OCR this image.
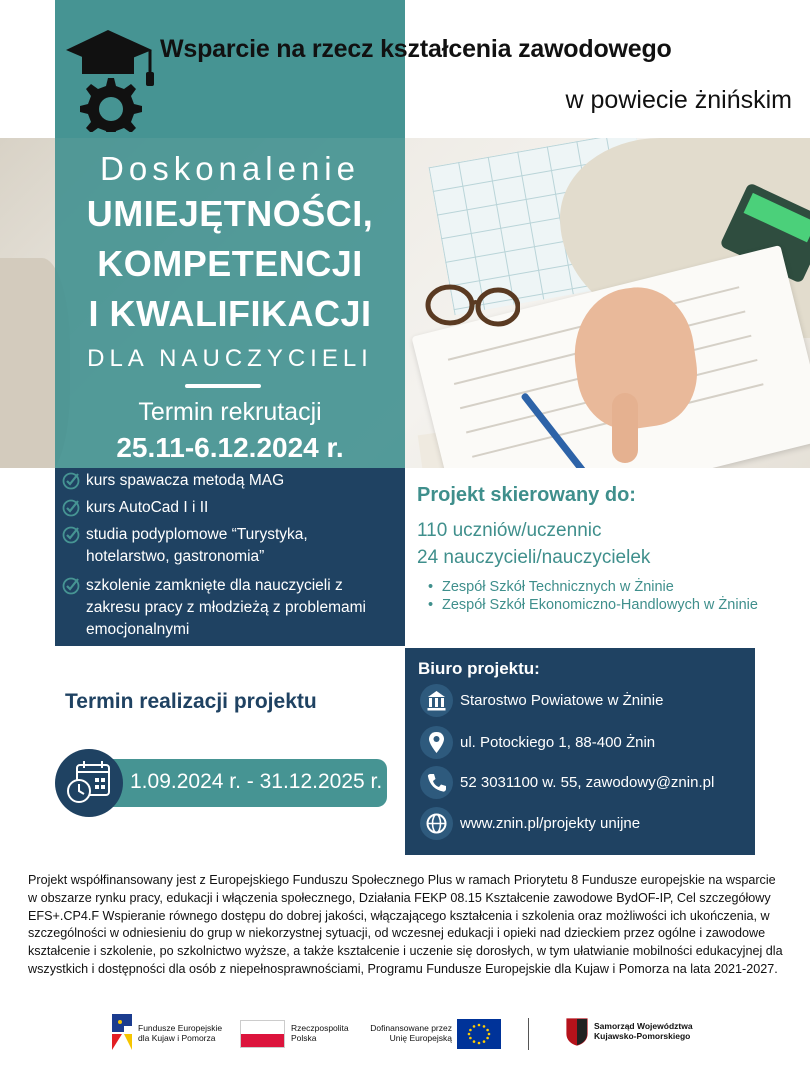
Wsparcie na rzecz kształcenia zawodowego
w powiecie żnińskim
Doskonalenie
UMIEJĘTNOŚCI,
KOMPETENCJI
I KWALIFIKACJI
DLA NAUCZYCIELI
Termin rekrutacji
25.11-6.12.2024 r.
kurs spawacza metodą MAG
kurs AutoCad I i II
studia podyplomowe “Turystyka, hotelarstwo, gastronomia”
szkolenie zamknięte dla nauczycieli z zakresu pracy z młodzieżą z problemami emocjonalnymi
Projekt skierowany do:
110 uczniów/uczennic
24 nauczycieli/nauczycielek
• Zespół Szkół Technicznych w Żninie
• Zespół Szkół Ekonomiczno-Handlowych w Żninie
Termin realizacji projektu
1.09.2024 r. - 31.12.2025 r.
Biuro projektu:
Starostwo Powiatowe w Żninie
ul. Potockiego 1, 88-400 Żnin
52 3031100 w. 55, zawodowy@znin.pl
www.znin.pl/projekty unijne
Projekt współfinansowany jest z Europejskiego Funduszu Społecznego Plus w ramach Priorytetu 8 Fundusze europejskie na wsparcie w obszarze rynku pracy, edukacji i włączenia społecznego, Działania FEKP 08.15 Kształcenie zawodowe BydOF-IP, Cel szczegółowy EFS+.CP4.F Wspieranie równego dostępu do dobrej jakości, włączającego kształcenia i szkolenia oraz możliwości ich ukończenia, w szczególności w odniesieniu do grup w niekorzystnej sytuacji, od wczesnej edukacji i opieki nad dzieckiem przez ogólne i zawodowe kształcenie i szkolenie, po szkolnictwo wyższe, a także kształcenie i uczenie się dorosłych, w tym ułatwianie mobilności edukacyjnej dla wszystkich i dostępności dla osób z niepełnosprawnościami, Programu Fundusze Europejskie dla Kujaw i Pomorza na lata 2021-2027.
Fundusze Europejskie
dla Kujaw i Pomorza
Rzeczpospolita
Polska
Dofinansowane przez
Unię Europejską
Samorząd Województwa
Kujawsko-Pomorskiego
